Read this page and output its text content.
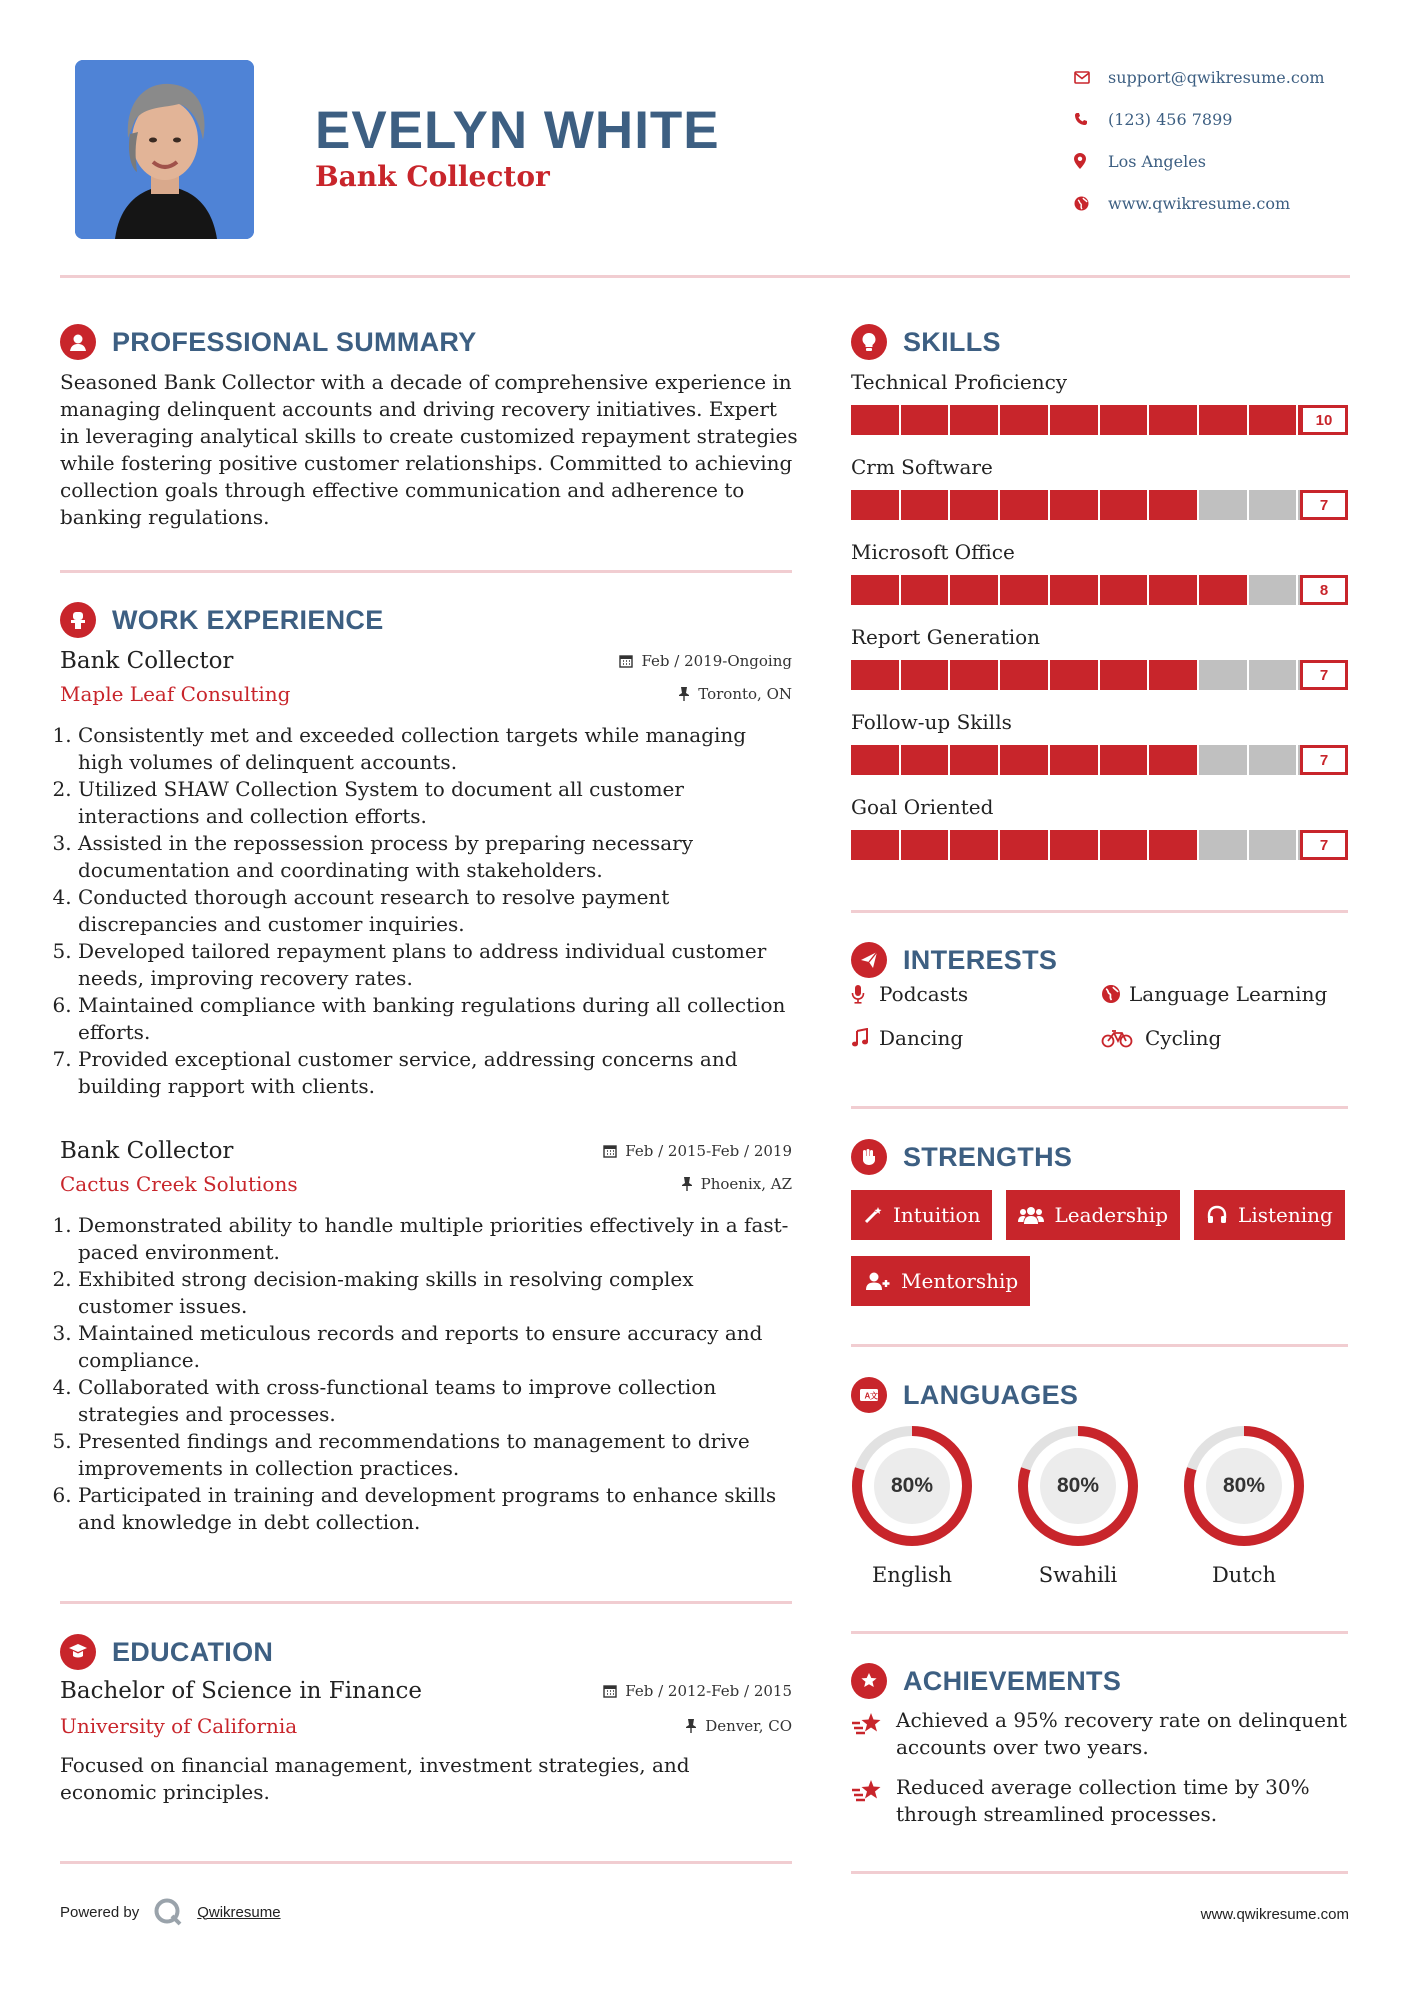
EVELYN WHITE
Bank Collector
support@qwikresume.com
(123) 456 7899
Los Angeles
www.qwikresume.com
PROFESSIONAL SUMMARY

Seasoned Bank Collector with a decade of comprehensive experience in managing delinquent accounts and driving recovery initiatives. Expert in leveraging analytical skills to create customized repayment strategies while fostering positive customer relationships. Committed to achieving collection goals through effective communication and adherence to banking regulations.

WORK EXPERIENCE
Bank Collector	Feb / 2019-Ongoing
Maple Leaf Consulting	Toronto, ON
1. Consistently met and exceeded collection targets while managing high volumes of delinquent accounts.
2. Utilized SHAW Collection System to document all customer interactions and collection efforts.
3. Assisted in the repossession process by preparing necessary documentation and coordinating with stakeholders.
4. Conducted thorough account research to resolve payment discrepancies and customer inquiries.
5. Developed tailored repayment plans to address individual customer needs, improving recovery rates.
6. Maintained compliance with banking regulations during all collection efforts.
7. Provided exceptional customer service, addressing concerns and building rapport with clients.
Bank Collector	Feb / 2015-Feb / 2019
Cactus Creek Solutions	Phoenix, AZ
1. Demonstrated ability to handle multiple priorities effectively in a fast-paced environment.
2. Exhibited strong decision-making skills in resolving complex customer issues.
3. Maintained meticulous records and reports to ensure accuracy and compliance.
4. Collaborated with cross-functional teams to improve collection strategies and processes.
5. Presented findings and recommendations to management to drive improvements in collection practices.
6. Participated in training and development programs to enhance skills and knowledge in debt collection.
EDUCATION
Bachelor of Science in Finance	Feb / 2012-Feb / 2015
University of California	Denver, CO

Focused on financial management, investment strategies, and economic principles.

SKILLS
Technical Proficiency
10
Crm Software
7
Microsoft Office
8
Report Generation
7
Follow-up Skills
7
Goal Oriented
7
INTERESTS
Podcasts	Language Learning
Dancing	Cycling
STRENGTHS
Intuition	Leadership	Listening
Mentorship
A 文 LANGUAGES
80%
English
80%
Swahili
80%
Dutch
ACHIEVEMENTS
Achieved a 95% recovery rate on delinquent accounts over two years.
Reduced average collection time by 30% through streamlined processes.
Powered by	Qwikresume	www.qwikresume.com
